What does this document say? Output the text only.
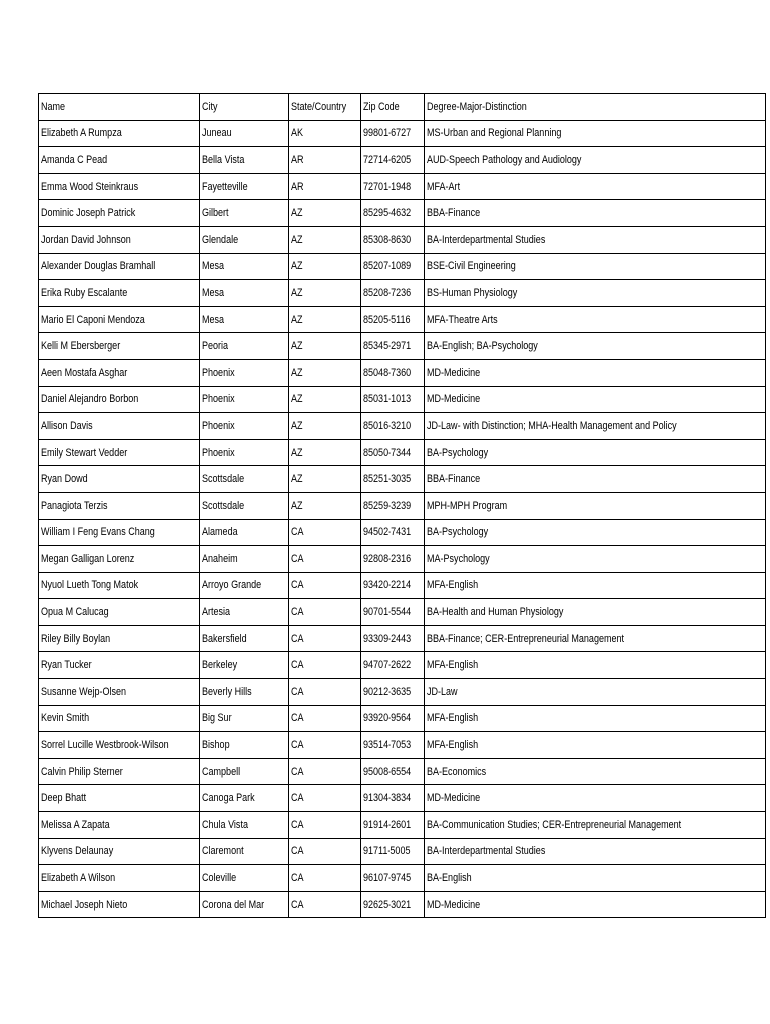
Name	City	State/Country	Zip Code	Degree-Major-Distinction
Elizabeth A Rumpza	Juneau	AK	99801-6727	MS-Urban and Regional Planning
Amanda C Pead	Bella Vista	AR	72714-6205	AUD-Speech Pathology and Audiology
Emma Wood Steinkraus	Fayetteville	AR	72701-1948	MFA-Art
Dominic Joseph Patrick	Gilbert	AZ	85295-4632	BBA-Finance
Jordan David Johnson	Glendale	AZ	85308-8630	BA-Interdepartmental Studies
Alexander Douglas Bramhall	Mesa	AZ	85207-1089	BSE-Civil Engineering
Erika Ruby Escalante	Mesa	AZ	85208-7236	BS-Human Physiology
Mario El Caponi Mendoza	Mesa	AZ	85205-5116	MFA-Theatre Arts
Kelli M Ebersberger	Peoria	AZ	85345-2971	BA-English; BA-Psychology
Aeen Mostafa Asghar	Phoenix	AZ	85048-7360	MD-Medicine
Daniel Alejandro Borbon	Phoenix	AZ	85031-1013	MD-Medicine
Allison Davis	Phoenix	AZ	85016-3210	JD-Law- with Distinction; MHA-Health Management and Policy
Emily Stewart Vedder	Phoenix	AZ	85050-7344	BA-Psychology
Ryan Dowd	Scottsdale	AZ	85251-3035	BBA-Finance
Panagiota Terzis	Scottsdale	AZ	85259-3239	MPH-MPH Program
William I Feng Evans Chang	Alameda	CA	94502-7431	BA-Psychology
Megan Galligan Lorenz	Anaheim	CA	92808-2316	MA-Psychology
Nyuol Lueth Tong Matok	Arroyo Grande	CA	93420-2214	MFA-English
Opua M Calucag	Artesia	CA	90701-5544	BA-Health and Human Physiology
Riley Billy Boylan	Bakersfield	CA	93309-2443	BBA-Finance; CER-Entrepreneurial Management
Ryan Tucker	Berkeley	CA	94707-2622	MFA-English
Susanne Wejp-Olsen	Beverly Hills	CA	90212-3635	JD-Law
Kevin Smith	Big Sur	CA	93920-9564	MFA-English
Sorrel Lucille Westbrook-Wilson	Bishop	CA	93514-7053	MFA-English
Calvin Philip Sterner	Campbell	CA	95008-6554	BA-Economics
Deep Bhatt	Canoga Park	CA	91304-3834	MD-Medicine
Melissa A Zapata	Chula Vista	CA	91914-2601	BA-Communication Studies; CER-Entrepreneurial Management
Klyvens Delaunay	Claremont	CA	91711-5005	BA-Interdepartmental Studies
Elizabeth A Wilson	Coleville	CA	96107-9745	BA-English
Michael Joseph Nieto	Corona del Mar	CA	92625-3021	MD-Medicine
